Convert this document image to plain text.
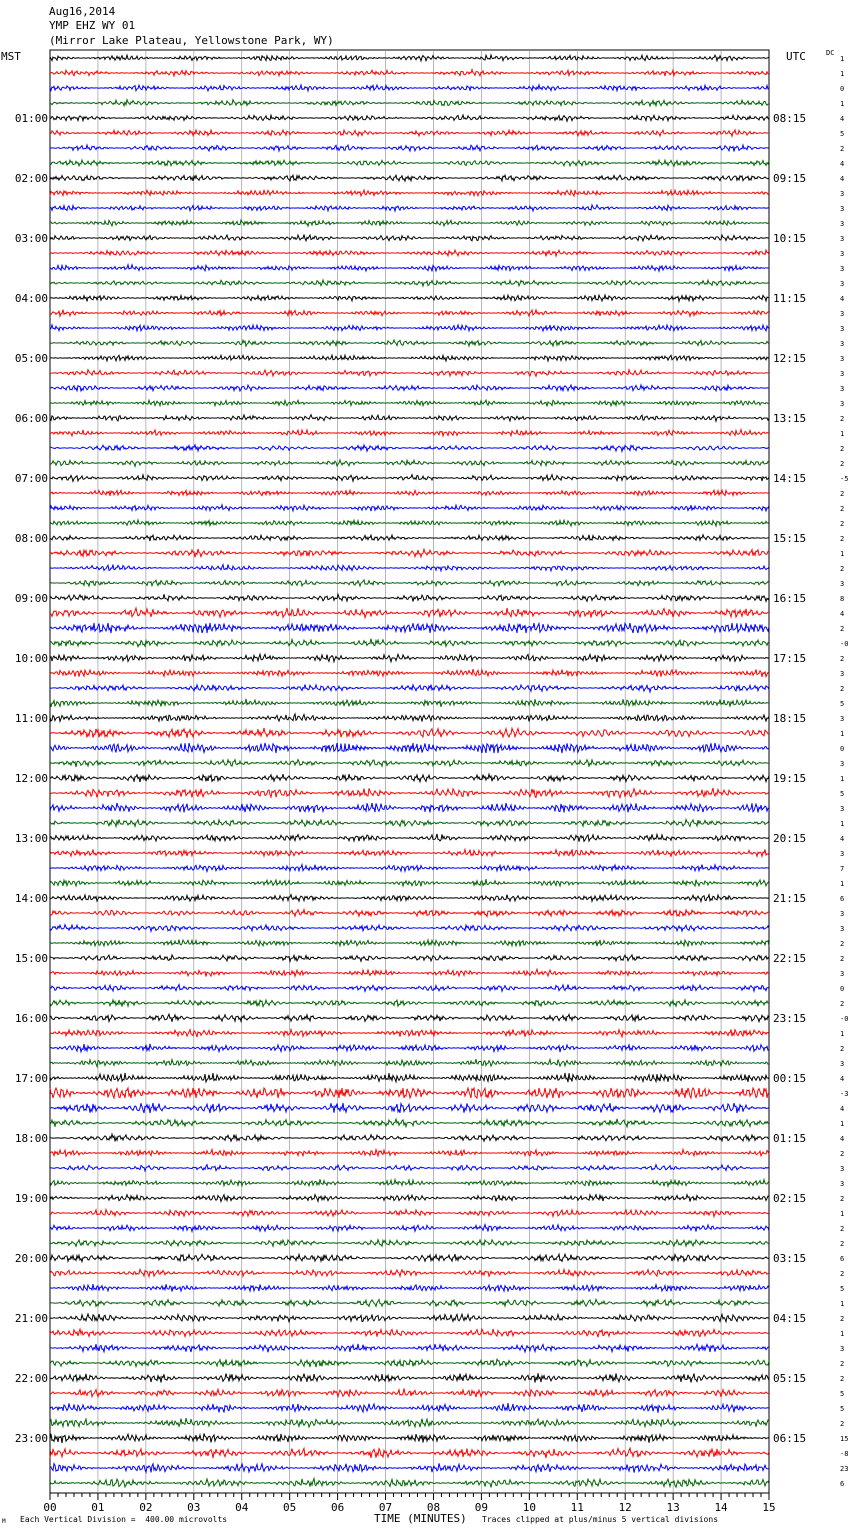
Aug16,2014
YMP EHZ WY 01
(Mirror Lake Plateau, Yellowstone Park, WY)
MST	UTC	DC
1
1
0
1
4
5
2
4
4
3
3
3
3
3
3
3
4
3
3
3
3
3
3
3
2
1
2
2
-5
2
2
2
2
1
2
3
8
4
2
-0
2
3
2
5
3
1
0
3
1
5
3
1
4
3
7
1
6
3
3
2
2
3
0
2
-0
1
2
3
4
-3
4
1
4
2
3
3
2
1
2
2
6
2
5
1
2
1
3
2
2
5
5
2
15
-8
23
6
01:00
02:00
03:00
04:00
05:00
06:00
07:00
08:00
09:00
10:00
11:00
12:00
13:00
14:00
15:00
16:00
17:00
18:00
19:00
20:00
21:00
22:00
23:00
08:15
09:15
10:15
11:15
12:15
13:15
14:15
15:15
16:15
17:15
18:15
19:15
20:15
21:15
22:15
23:15
00:15
01:15
02:15
03:15
04:15
05:15
06:15
00	01	02	03	04	05	06	07	08	09	10	11	12	13	14	15
M Each Vertical Division =  400.00 microvolts	TIME (MINUTES) Traces clipped at plus/minus 5 vertical divisions
